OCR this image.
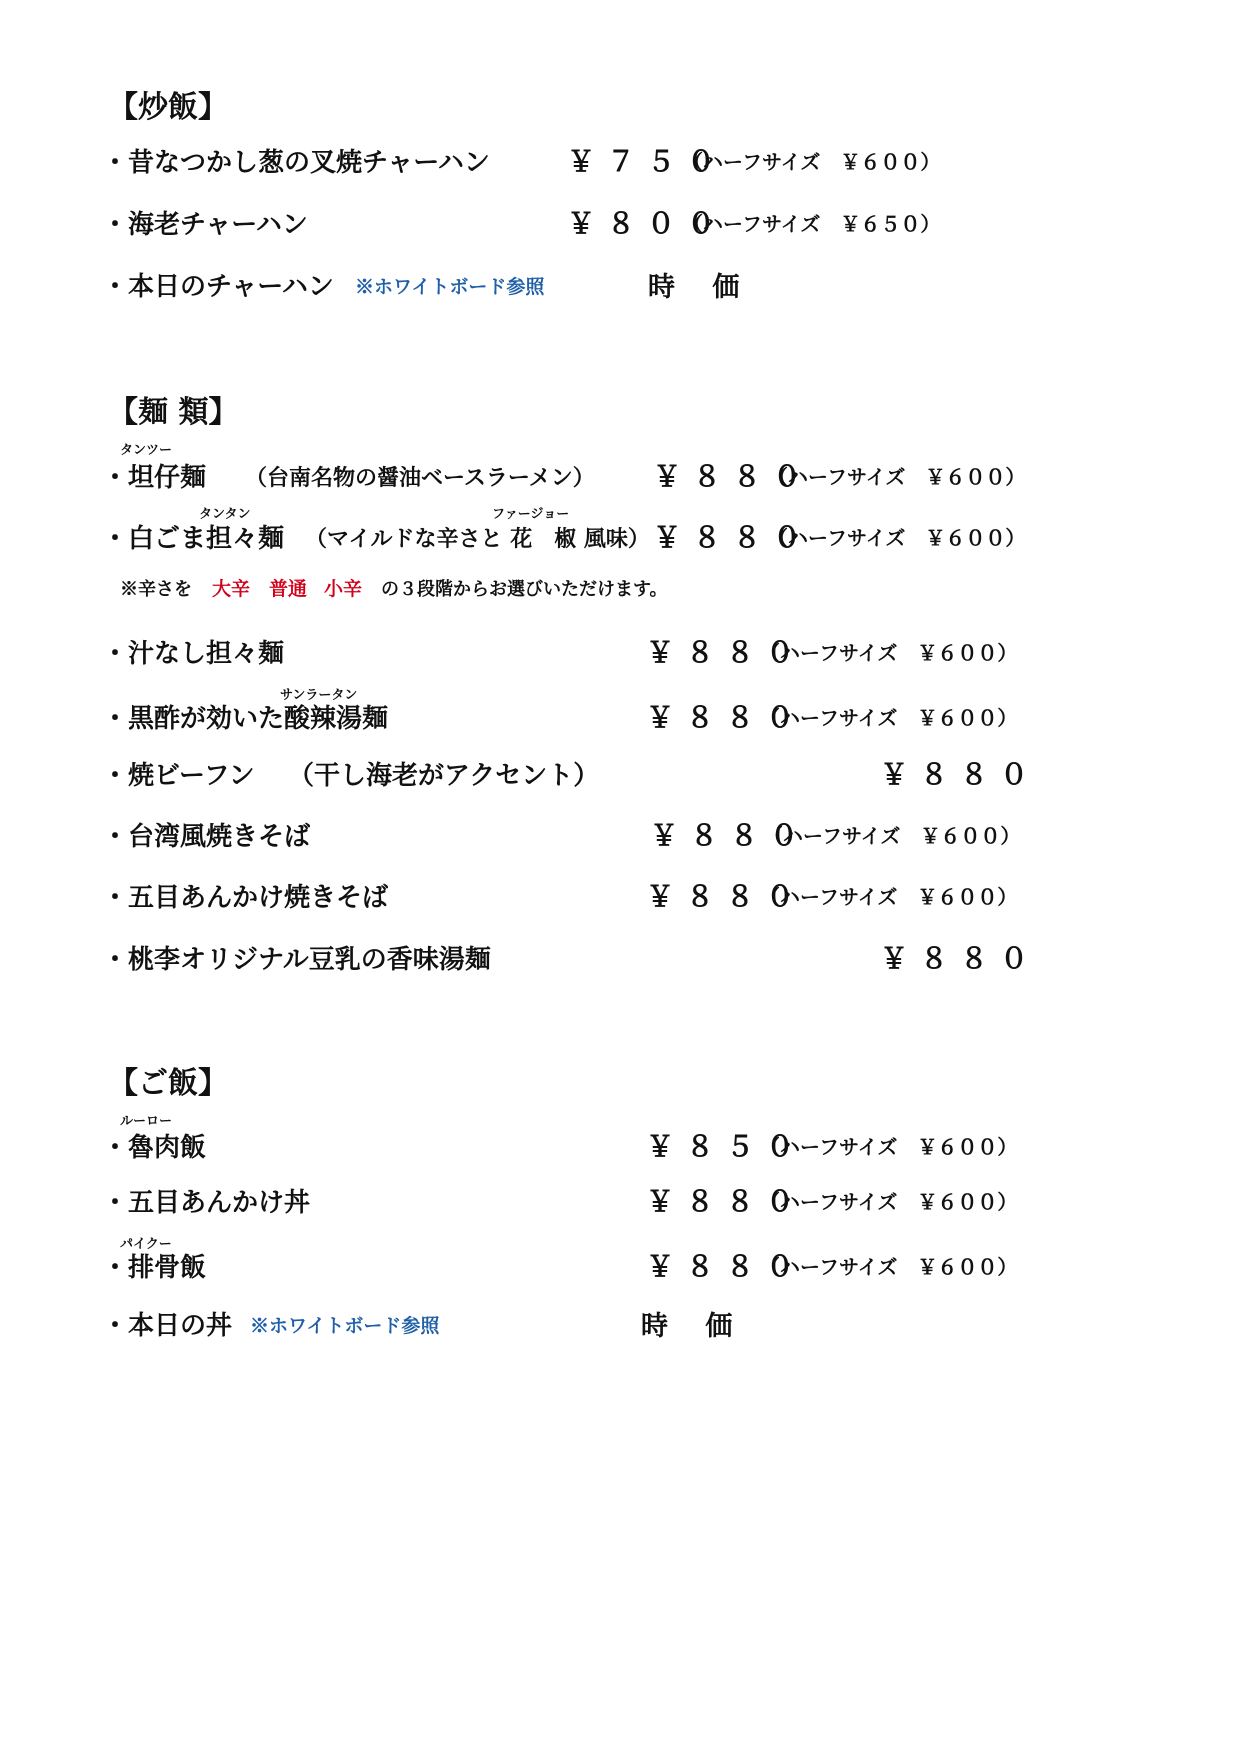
【炒飯】
・昔なつかし葱の叉焼チャーハン	￥７５０
（ハーフサイズ　￥６００）
・海老チャーハン	￥８００
（ハーフサイズ　￥６５０）
・本日のチャーハン ※ホワイトボード参照	時 価
【麺 類】
タンツー
・坦仔麺 （台南名物の醤油ベースラーメン） ￥８８０
（ハーフサイズ　￥６００）
タンタン	ファージョー
・白ごま担々麺 （マイルドな辛さと 花　椒 風味） ￥８８０
（ハーフサイズ　￥６００）
※辛さを 大辛 普通 小辛 の３段階からお選びいただけます。
・汁なし担々麺	￥８８０
（ハーフサイズ　￥６００）
サンラータン
・黒酢が効いた酸辣湯麺	￥８８０
（ハーフサイズ　￥６００）
・焼ビーフン （干し海老がアクセント）	￥８８０
・台湾風焼きそば	￥８８０
（ハーフサイズ　￥６００）
・五目あんかけ焼きそば	￥８８０
（ハーフサイズ　￥６００）
・桃李オリジナル豆乳の香味湯麺	￥８８０
【ご飯】
ルーロー
・魯肉飯	￥８５０
（ハーフサイズ　￥６００）
・五目あんかけ丼	￥８８０
（ハーフサイズ　￥６００）
パイクー
・排骨飯	￥８８０
（ハーフサイズ　￥６００）
・本日の丼 ※ホワイトボード参照	時 価
